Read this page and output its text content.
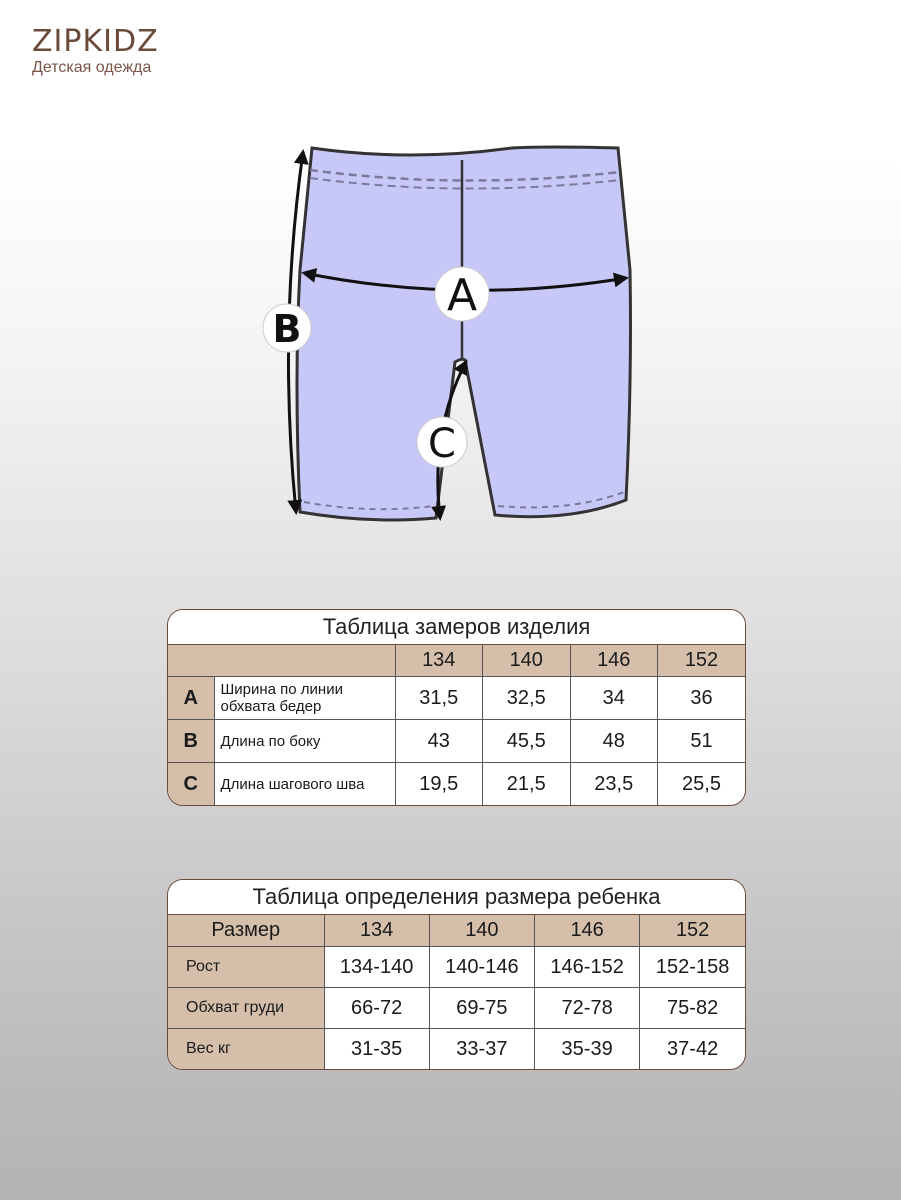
ZIPKIDZ
Детская одежда
A
B
C
Таблица замеров изделия
		134	140	146	152
A	Ширина по линии обхвата бедер	31,5	32,5	34	36
B	Длина по боку	43	45,5	48	51
C	Длина шагового шва	19,5	21,5	23,5	25,5
Таблица определения размера ребенка
Размер	134	140	146	152
Рост	134-140	140-146	146-152	152-158
Обхват груди	66-72	69-75	72-78	75-82
Вес кг	31-35	33-37	35-39	37-42
